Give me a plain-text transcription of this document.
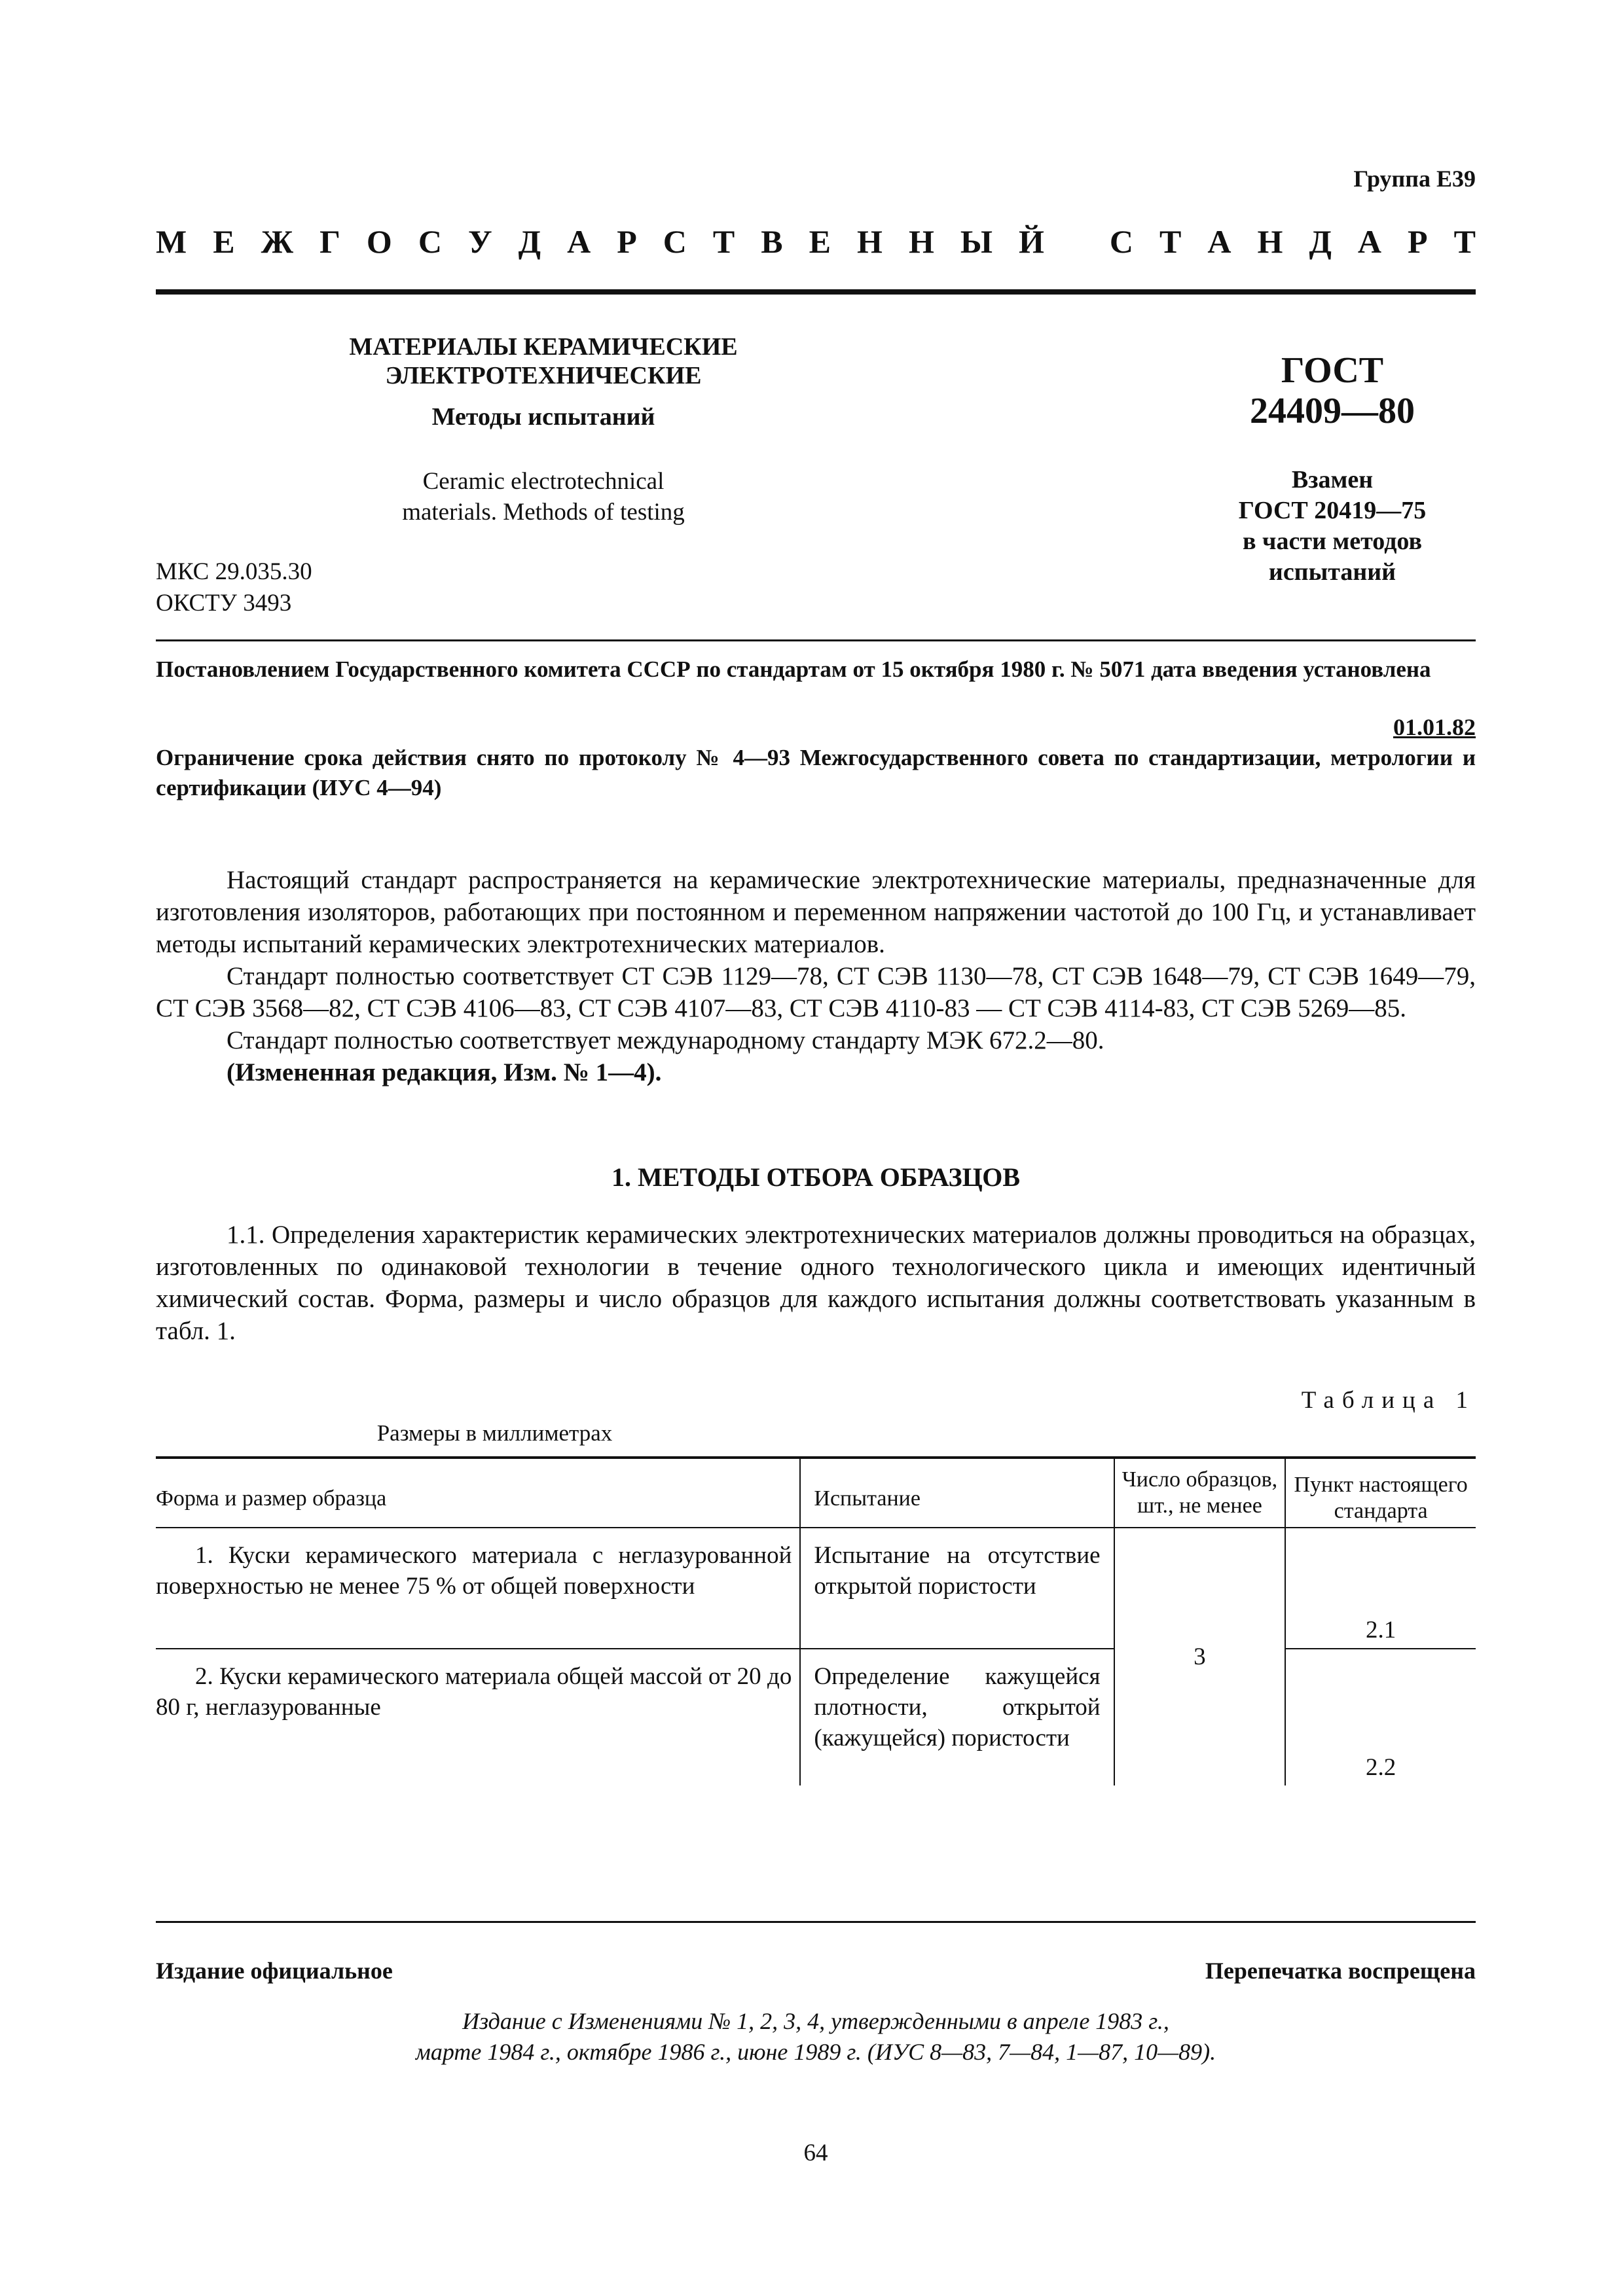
Группа Е39
М Е Ж Г О С У Д А Р С Т В Е Н Н Ы Й С Т А Н Д А Р Т
МАТЕРИАЛЫ КЕРАМИЧЕСКИЕ ЭЛЕКТРОТЕХНИЧЕСКИЕ
Методы испытаний
Ceramic electrotechnical
materials. Methods of testing
ГОСТ
24409—80
Взамен
ГОСТ 20419—75
в части методов
испытаний
МКС 29.035.30
ОКСТУ 3493
Постановлением Государственного комитета СССР по стандартам от 15 октября 1980 г. № 5071 дата введения установлена
01.01.82
Ограничение срока действия снято по протоколу № 4—93 Межгосударственного совета по стандартизации, метрологии и сертификации (ИУС 4—94)

Настоящий стандарт распространяется на керамические электротехнические материалы, предназначенные для изготовления изоляторов, работающих при постоянном и переменном напряжении частотой до 100 Гц, и устанавливает методы испытаний керамических электротехнических материалов.

Стандарт полностью соответствует СТ СЭВ 1129—78, СТ СЭВ 1130—78, СТ СЭВ 1648—79, СТ СЭВ 1649—79, СТ СЭВ 3568—82, СТ СЭВ 4106—83, СТ СЭВ 4107—83, СТ СЭВ 4110-83 — СТ СЭВ 4114-83, СТ СЭВ 5269—85.

Стандарт полностью соответствует международному стандарту МЭК 672.2—80.

(Измененная редакция, Изм. № 1—4).

1. МЕТОДЫ ОТБОРА ОБРАЗЦОВ

1.1. Определения характеристик керамических электротехнических материалов должны проводиться на образцах, изготовленных по одинаковой технологии в течение одного технологического цикла и имеющих идентичный химический состав. Форма, размеры и число образцов для каждого испытания должны соответствовать указанным в табл. 1.

Таблица 1
Размеры в миллиметрах
Форма и размер образца	Испытание	Число образцов, шт., не менее	Пункт настоящего стандарта

1. Куски керамического материала с неглазурованной поверхностью не менее 75 % от общей поверхности	Испытание на отсутствие открытой пористости	3	2.1

2. Куски керамического материала общей массой от 20 до 80 г, неглазурованные	Определение кажущейся плотности, открытой (кажущейся) пористости		2.2
Издание официальное	Перепечатка воспрещена
Издание с Изменениями № 1, 2, 3, 4, утвержденными в апреле 1983 г.,
марте 1984 г., октябре 1986 г., июне 1989 г. (ИУС 8—83, 7—84, 1—87, 10—89).
64
